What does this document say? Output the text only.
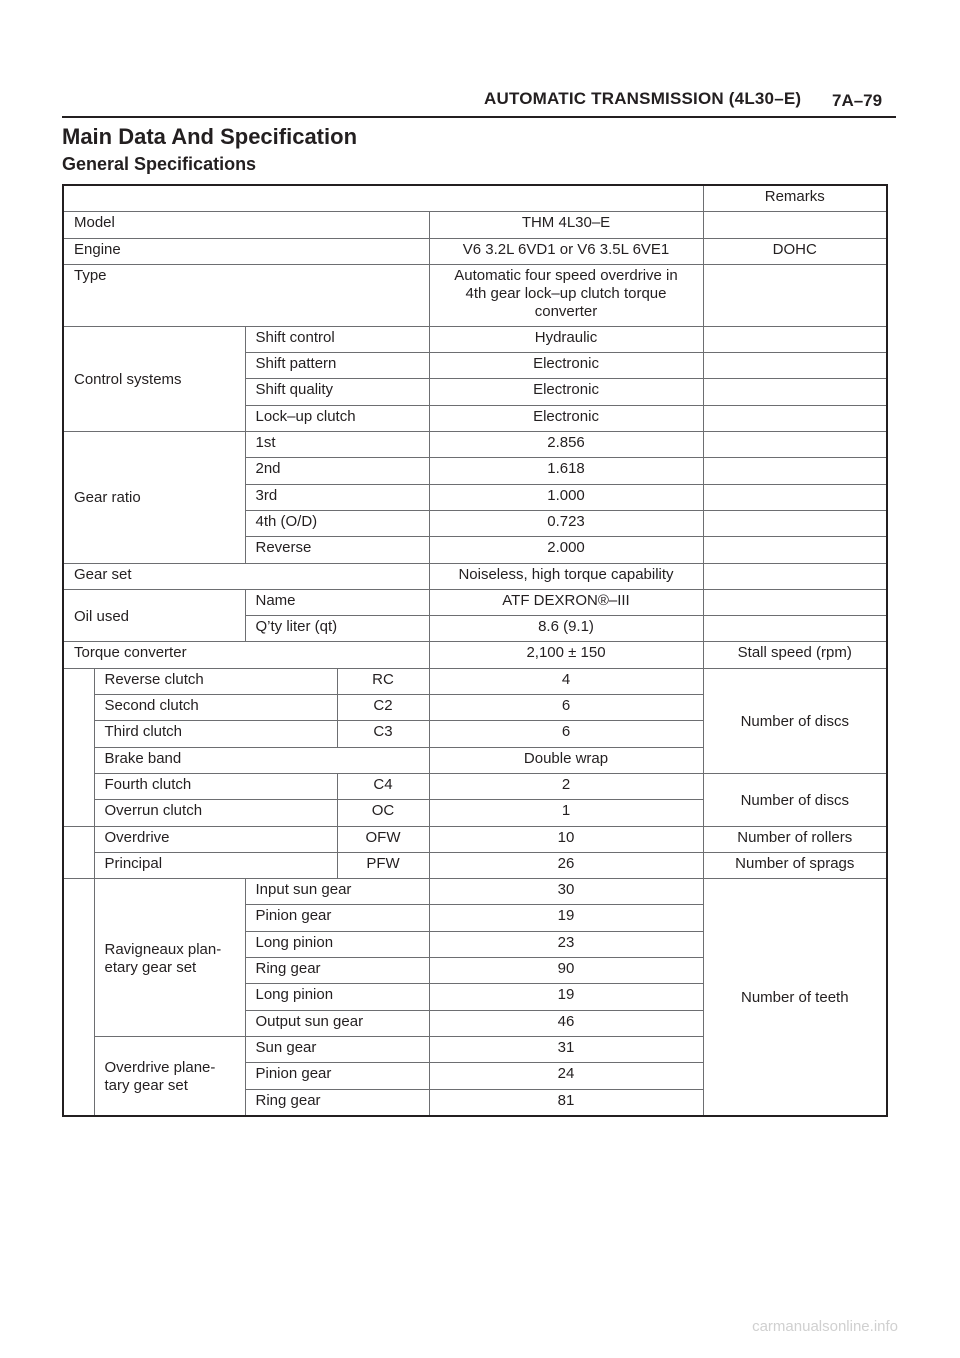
AUTOMATIC TRANSMISSION (4L30–E) 7A–79
Main Data And Specification
General Specifications
					Remarks
Model				THM 4L30–E	
Engine				V6 3.2L 6VD1 or V6 3.5L 6VE1	DOHC
Type				Automatic four speed overdrive in 4th gear lock–up clutch torque converter	
Control systems		Shift control		Hydraulic	
		Shift pattern		Electronic	
		Shift quality		Electronic	
		Lock–up clutch		Electronic	
Gear ratio		1st		2.856	
		2nd		1.618	
		3rd		1.000	
		4th (O/D)		0.723	
		Reverse		2.000	
Gear set				Noiseless, high torque capability	
Oil used		Name		ATF DEXRON®–III	
		Q’ty liter (qt)		8.6 (9.1)	
Torque converter				2,100 ± 150	Stall speed (rpm)
	Reverse clutch		RC	4	Number of discs
	Second clutch		C2	6	
	Third clutch		C3	6	
	Brake band			Double wrap	
	Fourth clutch		C4	2	Number of discs
	Overrun clutch		OC	1	
	Overdrive		OFW	10	Number of rollers
	Principal		PFW	26	Number of sprags
	Ravigneaux plan-etary gear set	Input sun gear		30	Number of teeth
		Pinion gear		19	
		Long pinion		23	
		Ring gear		90	
		Long pinion		19	
		Output sun gear		46	
	Overdrive plane-tary gear set	Sun gear		31	
		Pinion gear		24	
		Ring gear		81	
carmanualsonline.info
